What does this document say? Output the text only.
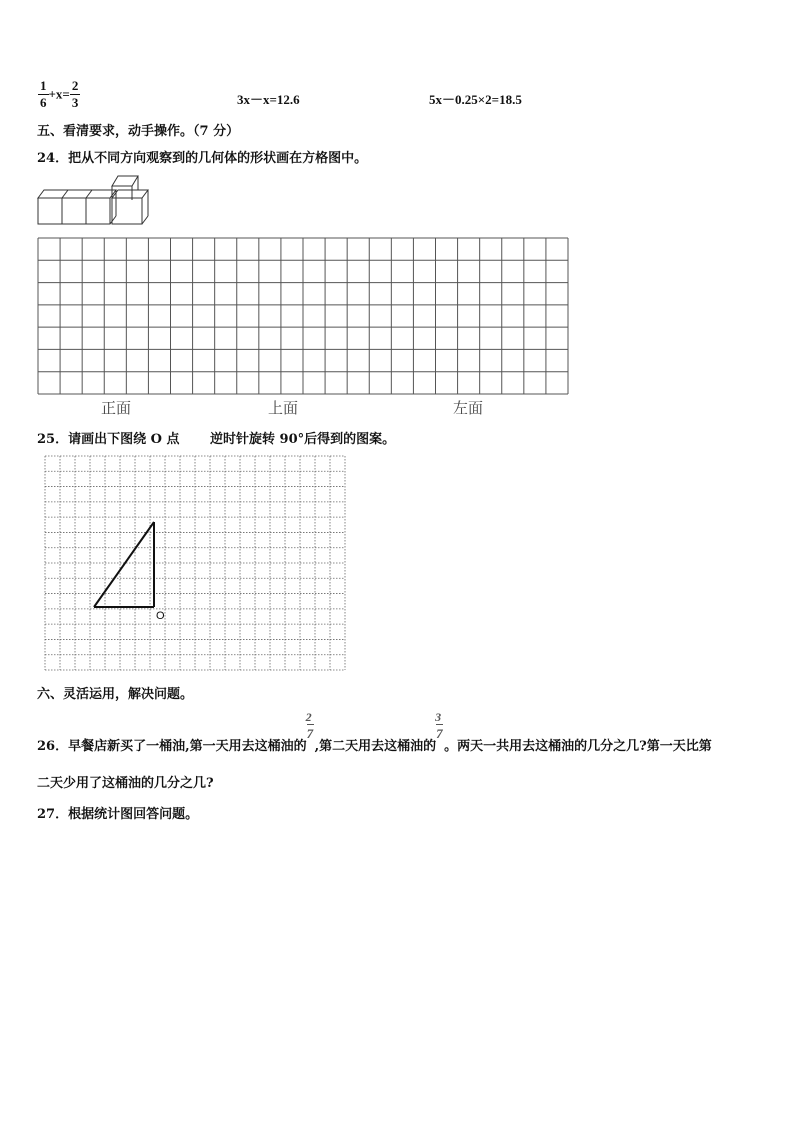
$\frac{1}{6} +x= \frac{2}{3}$	3x－x=12.6	5x－0.25×2=18.5
五、看清要求，动手操作。（7 分）
24．把从不同方向观察到的几何体的形状画在方格图中。
正面	上面	左面
25．请画出下图绕 O 点 逆时针旋转 90°后得到的图案。
O
六、灵活运用，解决问题。
26．早餐店新买了一桶油,第一天用去这桶油的 $\frac{2}{7}$ ,第二天用去这桶油的 $\frac{3}{7}$ 。两天一共用去这桶油的几分之几?第一天比第
二天少用了这桶油的几分之几?
27．根据统计图回答问题。
